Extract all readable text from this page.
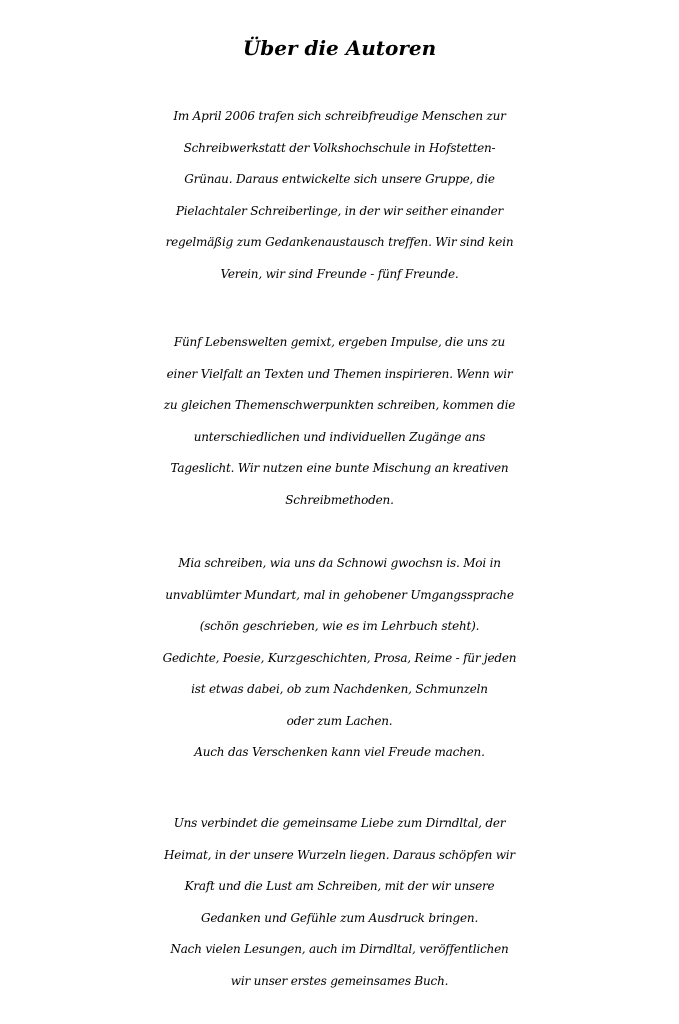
Über die Autoren
Im April 2006 trafen sich schreibfreudige Menschen zur
Schreibwerkstatt der Volkshochschule in Hofstetten-
Grünau. Daraus entwickelte sich unsere Gruppe, die
Pielachtaler Schreiberlinge, in der wir seither einander
regelmäßig zum Gedankenaustausch treffen. Wir sind kein
Verein, wir sind Freunde - fünf Freunde.
Fünf Lebenswelten gemixt, ergeben Impulse, die uns zu
einer Vielfalt an Texten und Themen inspirieren. Wenn wir
zu gleichen Themenschwerpunkten schreiben, kommen die
unterschiedlichen und individuellen Zugänge ans
Tageslicht. Wir nutzen eine bunte Mischung an kreativen
Schreibmethoden.
Mia schreiben, wia uns da Schnowi gwochsn is. Moi in
unvablümter Mundart, mal in gehobener Umgangssprache
(schön geschrieben, wie es im Lehrbuch steht).
Gedichte, Poesie, Kurzgeschichten, Prosa, Reime - für jeden
ist etwas dabei, ob zum Nachdenken, Schmunzeln
oder zum Lachen.
Auch das Verschenken kann viel Freude machen.
Uns verbindet die gemeinsame Liebe zum Dirndltal, der
Heimat, in der unsere Wurzeln liegen. Daraus schöpfen wir
Kraft und die Lust am Schreiben, mit der wir unsere
Gedanken und Gefühle zum Ausdruck bringen.
Nach vielen Lesungen, auch im Dirndltal, veröffentlichen
wir unser erstes gemeinsames Buch.
